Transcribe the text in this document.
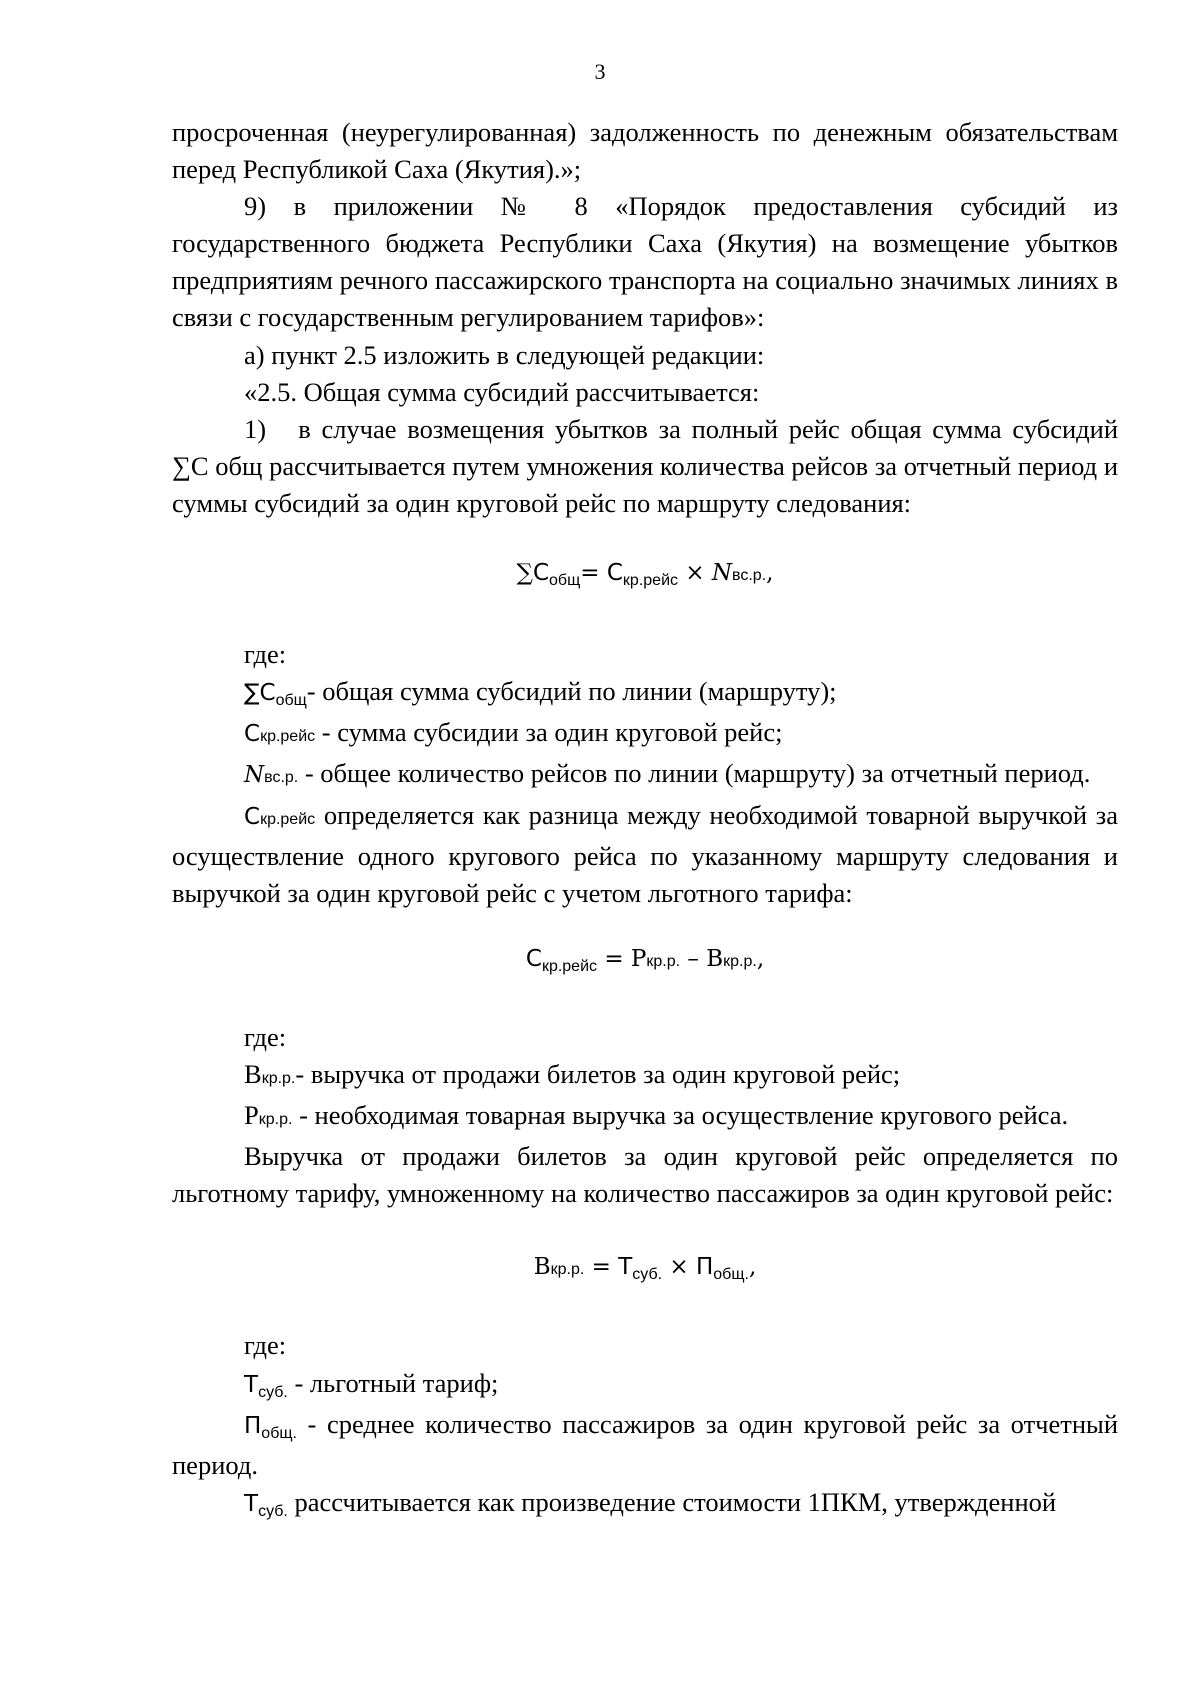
3

просроченная (неурегулированная) задолженность по денежным обязательствам перед Республикой Саха (Якутия).»;

9) в приложении № 8 «Порядок предоставления субсидий из государственного бюджета Республики Саха (Якутия) на возмещение убытков предприятиям речного пассажирского транспорта на социально значимых линиях в связи с государственным регулированием тарифов»:

а) пункт 2.5 изложить в следующей редакции:

«2.5. Общая сумма субсидий рассчитывается:

1) в случае возмещения убытков за полный рейс общая сумма субсидий ∑С общ рассчитывается путем умножения количества рейсов за отчетный период и суммы субсидий за один круговой рейс по маршруту следования:

$\sum С_{общ}= С_{кр.рейс} \times Nвс.р$.,

где:

∑Собщ- общая сумма субсидий по линии (маршруту);

Скр.рейс - сумма субсидии за один круговой рейс;

Nвс.р. - общее количество рейсов по линии (маршруту) за отчетный период.

Скр.рейс определяется как разница между необходимой товарной выручкой за осуществление одного кругового рейса по указанному маршруту следования и выручкой за один круговой рейс с учетом льготного тарифа:

$С_{кр.рейс} = Ркр.р$. – Вкр.р.,

где:

Вкр.р.- выручка от продажи билетов за один круговой рейс;

Ркр.р. - необходимая товарная выручка за осуществление кругового рейса.

Выручка от продажи билетов за один круговой рейс определяется по льготному тарифу, умноженному на количество пассажиров за один круговой рейс:

Вкр.р. = $Т_{суб.} \times П_{общ.}$,

где:

Тсуб. - льготный тариф;

Побщ. - среднее количество пассажиров за один круговой рейс за отчетный период.

Тсуб. рассчитывается как произведение стоимости 1ПКМ, утвержденной
